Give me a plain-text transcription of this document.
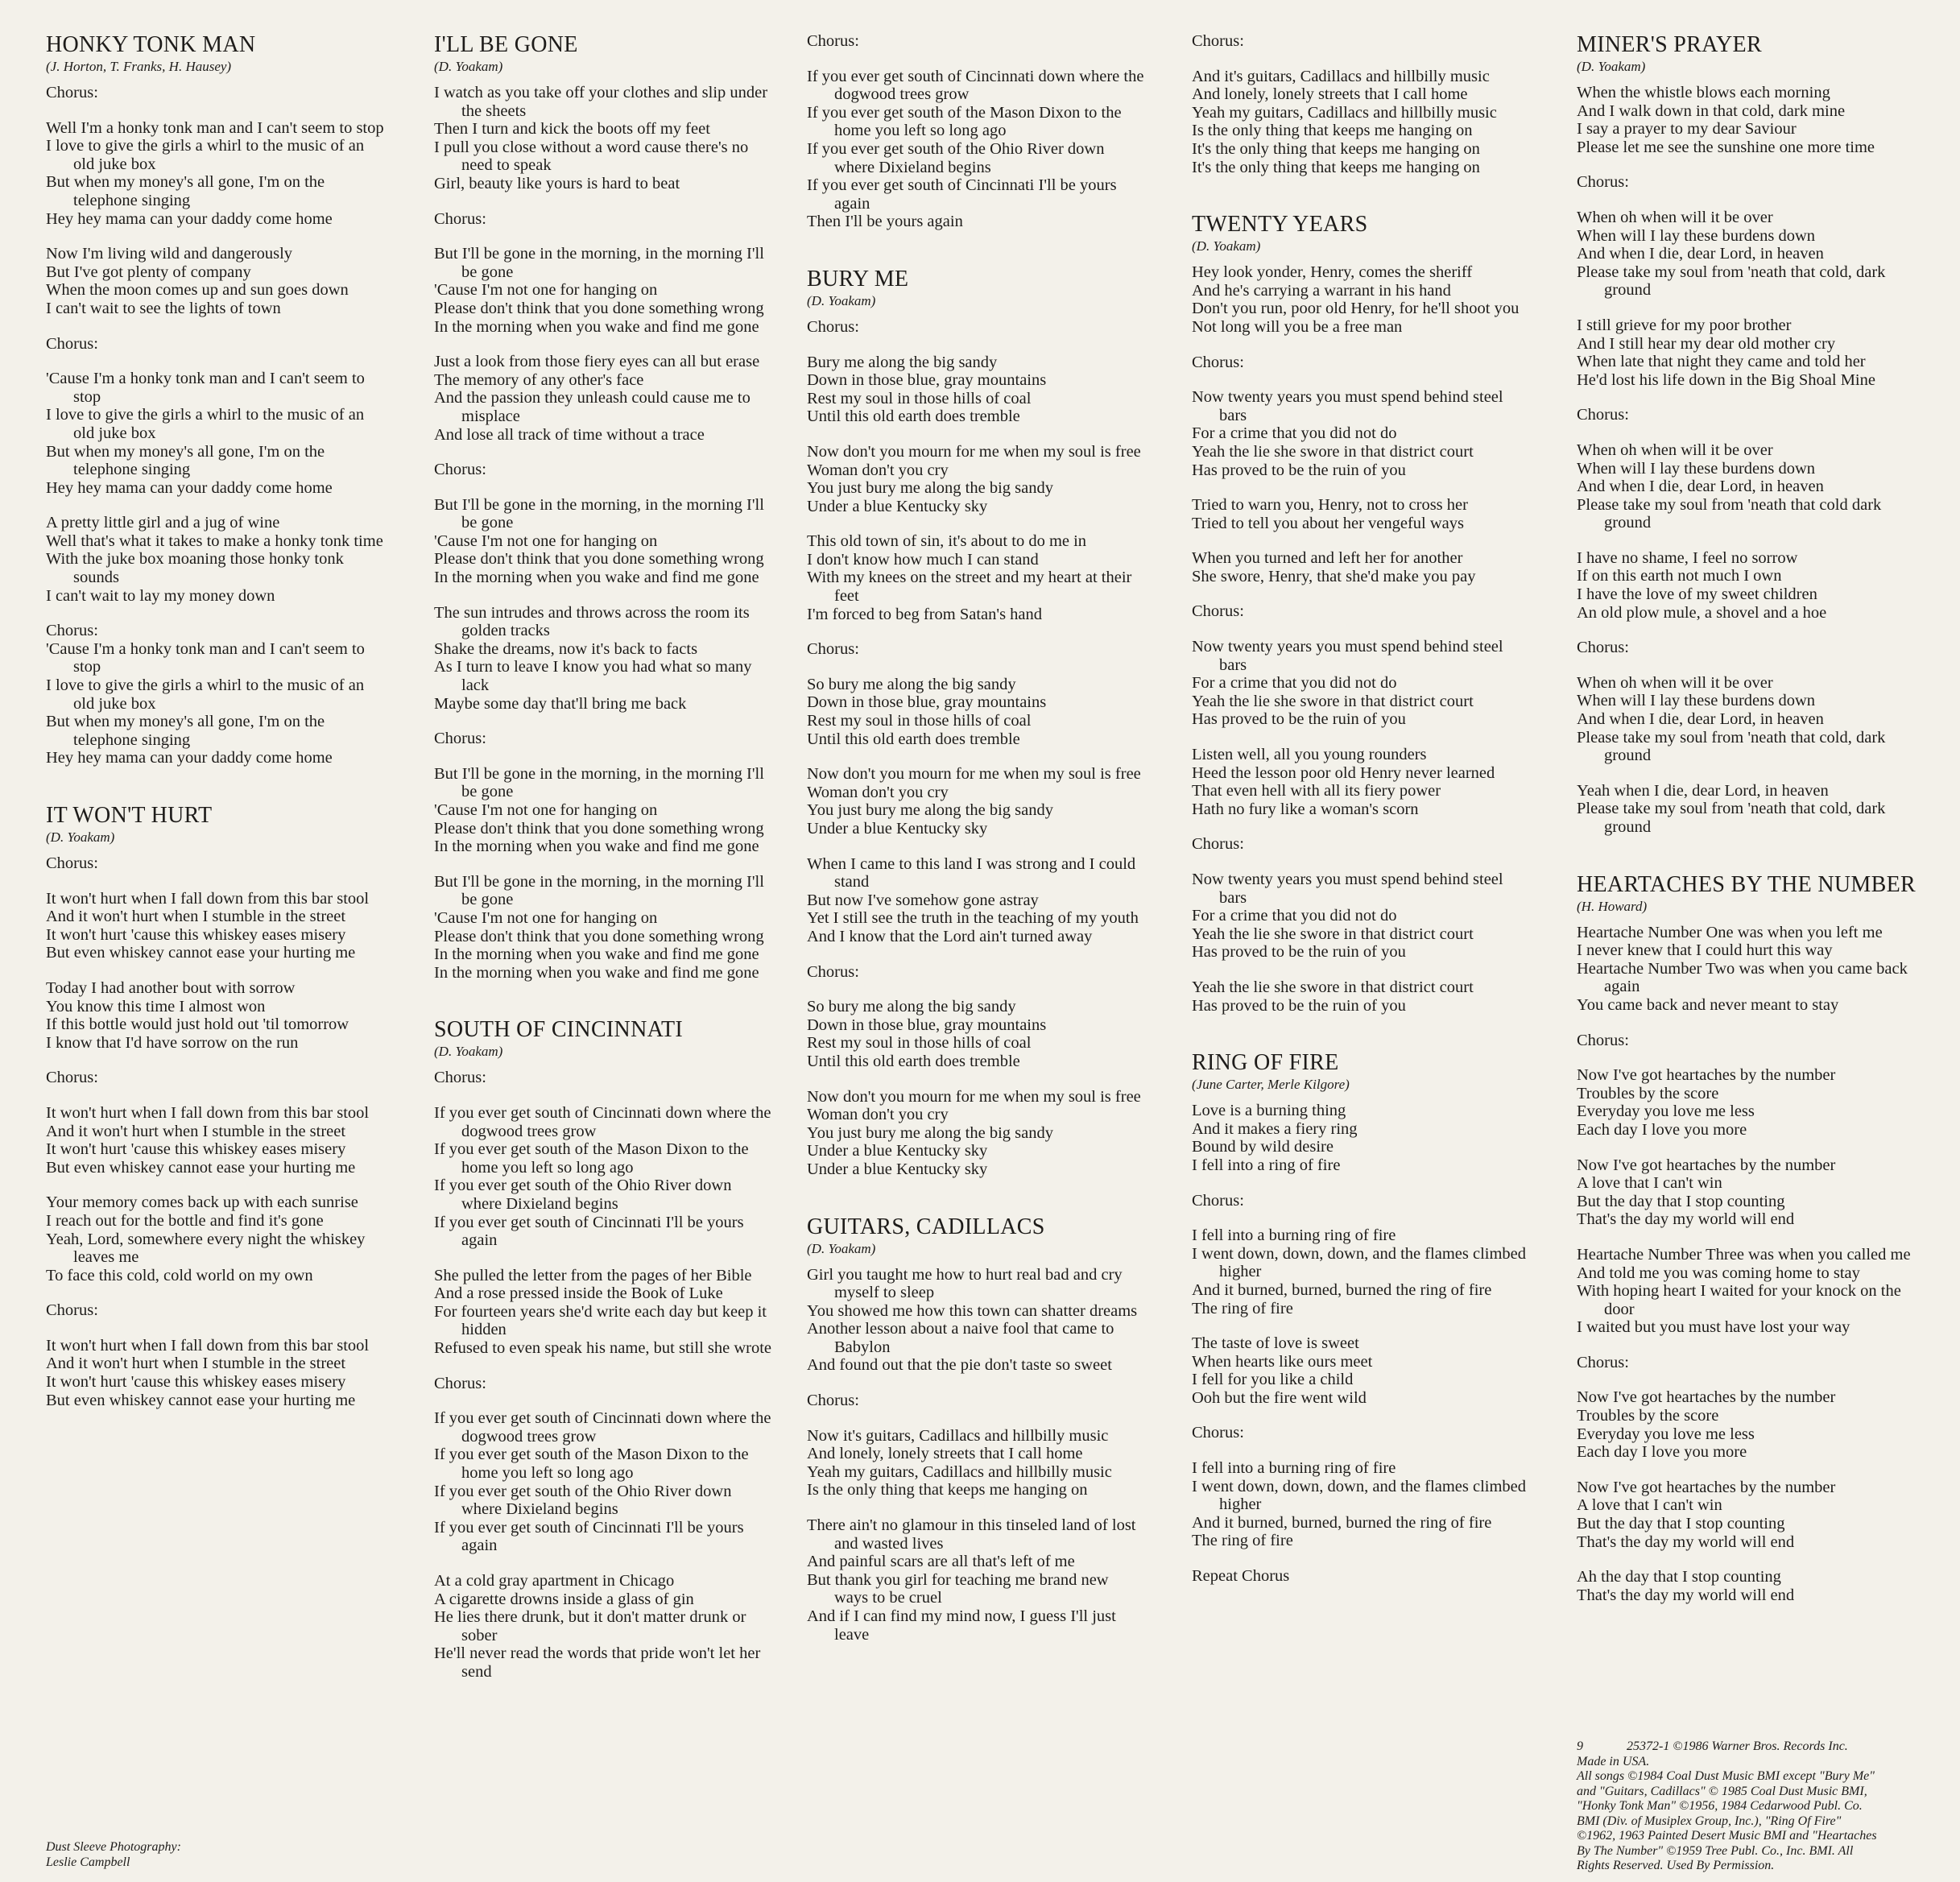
HONKY TONK MAN
(J. Horton, T. Franks, H. Hausey)
Chorus:
Well I'm a honky tonk man and I can't seem to stop
I love to give the girls a whirl to the music of an old juke box
But when my money's all gone, I'm on the telephone singing
Hey hey mama can your daddy come home
Now I'm living wild and dangerously
But I've got plenty of company
When the moon comes up and sun goes down
I can't wait to see the lights of town
Chorus:
'Cause I'm a honky tonk man and I can't seem to stop
I love to give the girls a whirl to the music of an old juke box
But when my money's all gone, I'm on the telephone singing
Hey hey mama can your daddy come home
A pretty little girl and a jug of wine
Well that's what it takes to make a honky tonk time
With the juke box moaning those honky tonk sounds
I can't wait to lay my money down
Chorus:
'Cause I'm a honky tonk man and I can't seem to stop
I love to give the girls a whirl to the music of an old juke box
But when my money's all gone, I'm on the telephone singing
Hey hey mama can your daddy come home
IT WON'T HURT
(D. Yoakam)
Chorus:
It won't hurt when I fall down from this bar stool
And it won't hurt when I stumble in the street
It won't hurt 'cause this whiskey eases misery
But even whiskey cannot ease your hurting me
Today I had another bout with sorrow
You know this time I almost won
If this bottle would just hold out 'til tomorrow
I know that I'd have sorrow on the run
Chorus:
It won't hurt when I fall down from this bar stool
And it won't hurt when I stumble in the street
It won't hurt 'cause this whiskey eases misery
But even whiskey cannot ease your hurting me
Your memory comes back up with each sunrise
I reach out for the bottle and find it's gone
Yeah, Lord, somewhere every night the whiskey leaves me
To face this cold, cold world on my own
Chorus:
It won't hurt when I fall down from this bar stool
And it won't hurt when I stumble in the street
It won't hurt 'cause this whiskey eases misery
But even whiskey cannot ease your hurting me
I'LL BE GONE
(D. Yoakam)
I watch as you take off your clothes and slip under the sheets
Then I turn and kick the boots off my feet
I pull you close without a word cause there's no need to speak
Girl, beauty like yours is hard to beat
Chorus:
But I'll be gone in the morning, in the morning I'll be gone
'Cause I'm not one for hanging on
Please don't think that you done something wrong
In the morning when you wake and find me gone
Just a look from those fiery eyes can all but erase
The memory of any other's face
And the passion they unleash could cause me to misplace
And lose all track of time without a trace
Chorus:
But I'll be gone in the morning, in the morning I'll be gone
'Cause I'm not one for hanging on
Please don't think that you done something wrong
In the morning when you wake and find me gone
The sun intrudes and throws across the room its golden tracks
Shake the dreams, now it's back to facts
As I turn to leave I know you had what so many lack
Maybe some day that'll bring me back
Chorus:
But I'll be gone in the morning, in the morning I'll be gone
'Cause I'm not one for hanging on
Please don't think that you done something wrong
In the morning when you wake and find me gone
But I'll be gone in the morning, in the morning I'll be gone
'Cause I'm not one for hanging on
Please don't think that you done something wrong
In the morning when you wake and find me gone
In the morning when you wake and find me gone
SOUTH OF CINCINNATI
(D. Yoakam)
Chorus:
If you ever get south of Cincinnati down where the dogwood trees grow
If you ever get south of the Mason Dixon to the home you left so long ago
If you ever get south of the Ohio River down where Dixieland begins
If you ever get south of Cincinnati I'll be yours again
She pulled the letter from the pages of her Bible
And a rose pressed inside the Book of Luke
For fourteen years she'd write each day but keep it hidden
Refused to even speak his name, but still she wrote
Chorus:
If you ever get south of Cincinnati down where the dogwood trees grow
If you ever get south of the Mason Dixon to the home you left so long ago
If you ever get south of the Ohio River down where Dixieland begins
If you ever get south of Cincinnati I'll be yours again
At a cold gray apartment in Chicago
A cigarette drowns inside a glass of gin
He lies there drunk, but it don't matter drunk or sober
He'll never read the words that pride won't let her send
Chorus:
If you ever get south of Cincinnati down where the dogwood trees grow
If you ever get south of the Mason Dixon to the home you left so long ago
If you ever get south of the Ohio River down where Dixieland begins
If you ever get south of Cincinnati I'll be yours again
Then I'll be yours again
BURY ME
(D. Yoakam)
Chorus:
Bury me along the big sandy
Down in those blue, gray mountains
Rest my soul in those hills of coal
Until this old earth does tremble
Now don't you mourn for me when my soul is free
Woman don't you cry
You just bury me along the big sandy
Under a blue Kentucky sky
This old town of sin, it's about to do me in
I don't know how much I can stand
With my knees on the street and my heart at their feet
I'm forced to beg from Satan's hand
Chorus:
So bury me along the big sandy
Down in those blue, gray mountains
Rest my soul in those hills of coal
Until this old earth does tremble
Now don't you mourn for me when my soul is free
Woman don't you cry
You just bury me along the big sandy
Under a blue Kentucky sky
When I came to this land I was strong and I could stand
But now I've somehow gone astray
Yet I still see the truth in the teaching of my youth
And I know that the Lord ain't turned away
Chorus:
So bury me along the big sandy
Down in those blue, gray mountains
Rest my soul in those hills of coal
Until this old earth does tremble
Now don't you mourn for me when my soul is free
Woman don't you cry
You just bury me along the big sandy
Under a blue Kentucky sky
Under a blue Kentucky sky
GUITARS, CADILLACS
(D. Yoakam)
Girl you taught me how to hurt real bad and cry myself to sleep
You showed me how this town can shatter dreams
Another lesson about a naive fool that came to Babylon
And found out that the pie don't taste so sweet
Chorus:
Now it's guitars, Cadillacs and hillbilly music
And lonely, lonely streets that I call home
Yeah my guitars, Cadillacs and hillbilly music
Is the only thing that keeps me hanging on
There ain't no glamour in this tinseled land of lost and wasted lives
And painful scars are all that's left of me
But thank you girl for teaching me brand new ways to be cruel
And if I can find my mind now, I guess I'll just leave
Chorus:
And it's guitars, Cadillacs and hillbilly music
And lonely, lonely streets that I call home
Yeah my guitars, Cadillacs and hillbilly music
Is the only thing that keeps me hanging on
It's the only thing that keeps me hanging on
It's the only thing that keeps me hanging on
TWENTY YEARS
(D. Yoakam)
Hey look yonder, Henry, comes the sheriff
And he's carrying a warrant in his hand
Don't you run, poor old Henry, for he'll shoot you
Not long will you be a free man
Chorus:
Now twenty years you must spend behind steel bars
For a crime that you did not do
Yeah the lie she swore in that district court
Has proved to be the ruin of you
Tried to warn you, Henry, not to cross her
Tried to tell you about her vengeful ways
When you turned and left her for another
She swore, Henry, that she'd make you pay
Chorus:
Now twenty years you must spend behind steel bars
For a crime that you did not do
Yeah the lie she swore in that district court
Has proved to be the ruin of you
Listen well, all you young rounders
Heed the lesson poor old Henry never learned
That even hell with all its fiery power
Hath no fury like a woman's scorn
Chorus:
Now twenty years you must spend behind steel bars
For a crime that you did not do
Yeah the lie she swore in that district court
Has proved to be the ruin of you
Yeah the lie she swore in that district court
Has proved to be the ruin of you
RING OF FIRE
(June Carter, Merle Kilgore)
Love is a burning thing
And it makes a fiery ring
Bound by wild desire
I fell into a ring of fire
Chorus:
I fell into a burning ring of fire
I went down, down, down, and the flames climbed higher
And it burned, burned, burned the ring of fire
The ring of fire
The taste of love is sweet
When hearts like ours meet
I fell for you like a child
Ooh but the fire went wild
Chorus:
I fell into a burning ring of fire
I went down, down, down, and the flames climbed higher
And it burned, burned, burned the ring of fire
The ring of fire
Repeat Chorus
MINER'S PRAYER
(D. Yoakam)
When the whistle blows each morning
And I walk down in that cold, dark mine
I say a prayer to my dear Saviour
Please let me see the sunshine one more time
Chorus:
When oh when will it be over
When will I lay these burdens down
And when I die, dear Lord, in heaven
Please take my soul from 'neath that cold, dark ground
I still grieve for my poor brother
And I still hear my dear old mother cry
When late that night they came and told her
He'd lost his life down in the Big Shoal Mine
Chorus:
When oh when will it be over
When will I lay these burdens down
And when I die, dear Lord, in heaven
Please take my soul from 'neath that cold dark ground
I have no shame, I feel no sorrow
If on this earth not much I own
I have the love of my sweet children
An old plow mule, a shovel and a hoe
Chorus:
When oh when will it be over
When will I lay these burdens down
And when I die, dear Lord, in heaven
Please take my soul from 'neath that cold, dark ground
Yeah when I die, dear Lord, in heaven
Please take my soul from 'neath that cold, dark ground
HEARTACHES BY THE NUMBER
(H. Howard)
Heartache Number One was when you left me
I never knew that I could hurt this way
Heartache Number Two was when you came back again
You came back and never meant to stay
Chorus:
Now I've got heartaches by the number
Troubles by the score
Everyday you love me less
Each day I love you more
Now I've got heartaches by the number
A love that I can't win
But the day that I stop counting
That's the day my world will end
Heartache Number Three was when you called me
And told me you was coming home to stay
With hoping heart I waited for your knock on the door
I waited but you must have lost your way
Chorus:
Now I've got heartaches by the number
Troubles by the score
Everyday you love me less
Each day I love you more
Now I've got heartaches by the number
A love that I can't win
But the day that I stop counting
That's the day my world will end
Ah the day that I stop counting
That's the day my world will end
Dust Sleeve Photography:
Leslie Campbell
9	25372-1 ©1986 Warner Bros. Records Inc.
Made in USA.
All songs ©1984 Coal Dust Music BMI except "Bury Me"
and "Guitars, Cadillacs" © 1985 Coal Dust Music BMI,
"Honky Tonk Man" ©1956, 1984 Cedarwood Publ. Co.
BMI (Div. of Musiplex Group, Inc.), "Ring Of Fire"
©1962, 1963 Painted Desert Music BMI and "Heartaches
By The Number" ©1959 Tree Publ. Co., Inc. BMI. All
Rights Reserved. Used By Permission.
